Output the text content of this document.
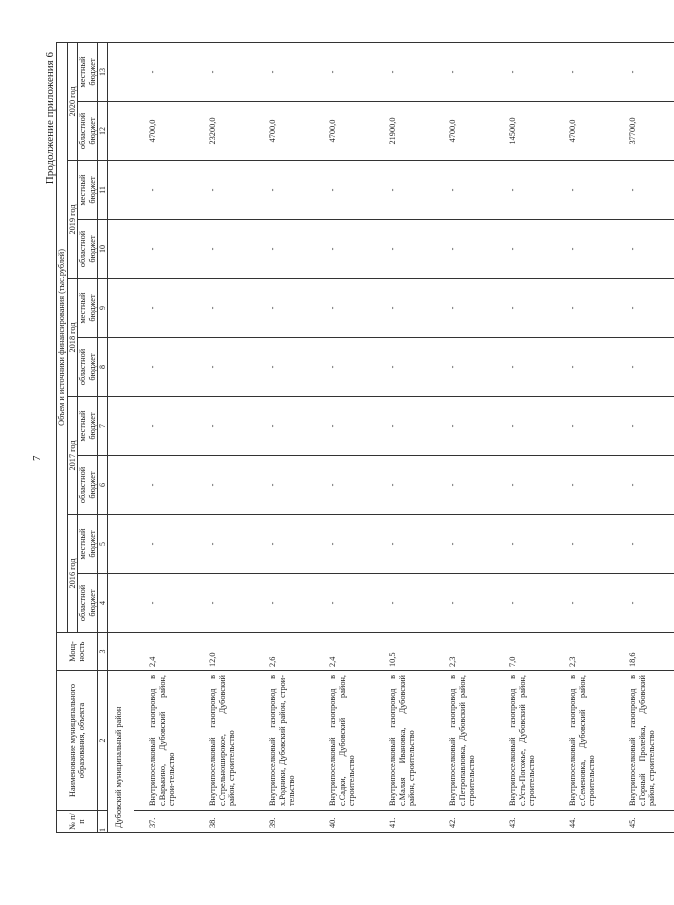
7
Продолжение приложения 6
№ п/п	Наименование муниципального образования, объекта	Мощ-ность	Объем и источники финансирования (тыс.рублей)									
			2016 год		2017 год		2018 год		2019 год		2020 год	
			областной бюджет	местный бюджет	областной бюджет	местный бюджет	областной бюджет	местный бюджет	областной бюджет	местный бюджет	областной бюджет	местный бюджет
1	2	3	4	5	6	7	8	9	10	11	12	13
Дубовский муниципальный район												
37.	Внутрипоселковый газопровод в с.Варькино, Дубовский район, строи-тельство	2,4	-	-	-	-	-	-	-	-	4700,0	-
38.	Внутрипоселковый газопровод в с.Стрельноширокое, Дубовский район, строительство	12,0	-	-	-	-	-	-	-	-	23200,0	-
39.	Внутрипоселковый газопровод в х.Родники, Дубовский район, строи-тельство	2,6	-	-	-	-	-	-	-	-	4700,0	-
40.	Внутрипоселковый газопровод в с.Садки, Дубовский район, строительство	2,4	-	-	-	-	-	-	-	-	4700,0	-
41.	Внутрипоселковый газопровод в с.Малая Ивановка, Дубовский район, строительство	10,5	-	-	-	-	-	-	-	-	21900,0	-
42.	Внутрипоселковый газопровод в с.Петропавловка, Дубовский район, строительство	2,3	-	-	-	-	-	-	-	-	4700,0	-
43.	Внутрипоселковый газопровод в с.Усть-Погожье, Дубовский район, строительство	7,0	-	-	-	-	-	-	-	-	14500,0	-
44.	Внутрипоселковый газопровод в с.Семеновка, Дубовский район, строительство	2,3	-	-	-	-	-	-	-	-	4700,0	-
45.	Внутрипоселковый газопровод в с.Горный Пролейка, Дубовский район, строительство	18,6	-	-	-	-	-	-	-	-	37700,0	-
